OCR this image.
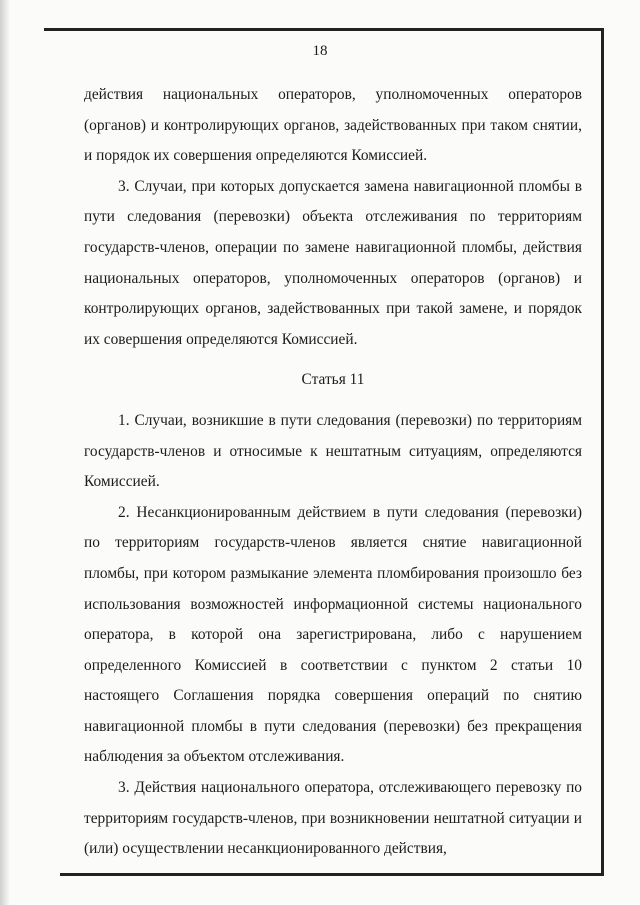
18

действия национальных операторов, уполномоченных операторов (органов) и контролирующих органов, задействованных при таком снятии, и порядок их совершения определяются Комиссией.

3. Случаи, при которых допускается замена навигационной пломбы в пути следования (перевозки) объекта отслеживания по территориям государств-членов, операции по замене навигационной пломбы, действия национальных операторов, уполномоченных операторов (органов) и контролирующих органов, задействованных при такой замене, и порядок их совершения определяются Комиссией.

Статья 11

1. Случаи, возникшие в пути следования (перевозки) по территориям государств-членов и относимые к нештатным ситуациям, определяются Комиссией.

2. Несанкционированным действием в пути следования (перевозки) по территориям государств-членов является снятие навигационной пломбы, при котором размыкание элемента пломбирования произошло без использования возможностей информационной системы национального оператора, в которой она зарегистрирована, либо с нарушением определенного Комиссией в соответствии с пунктом 2 статьи 10 настоящего Соглашения порядка совершения операций по снятию навигационной пломбы в пути следования (перевозки) без прекращения наблюдения за объектом отслеживания.

3. Действия национального оператора, отслеживающего перевозку по территориям государств-членов, при возникновении нештатной ситуации и (или) осуществлении несанкционированного действия,
